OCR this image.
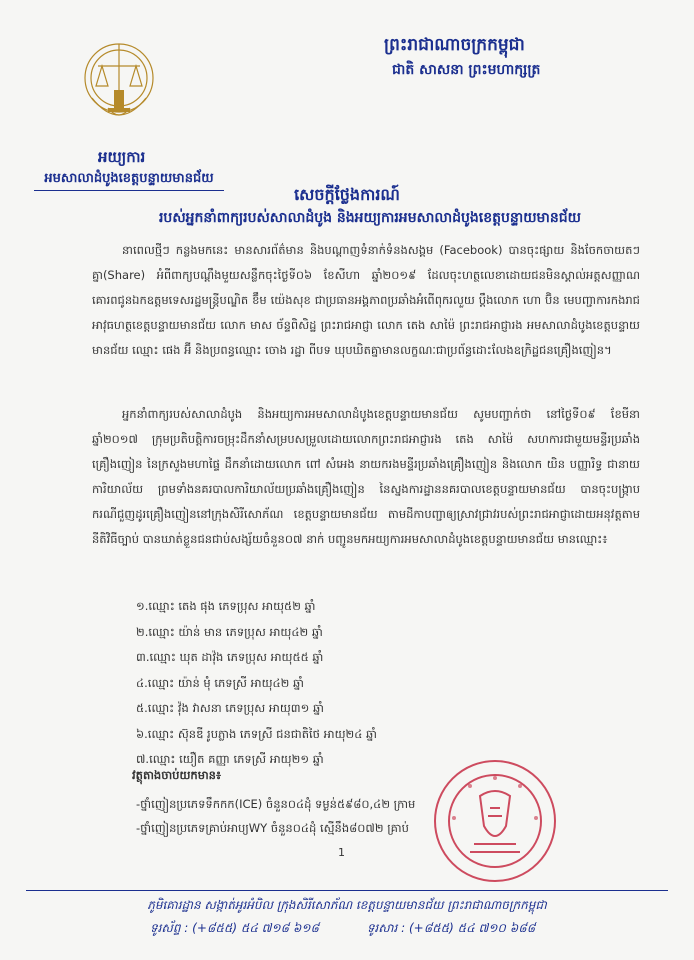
អយ្យការ
អមសាលាដំបូងខេត្តបន្ទាយមានជ័យ
ព្រះរាជាណាចក្រកម្ពុជា
ជាតិ សាសនា ព្រះមហាក្សត្រ
សេចក្តីថ្លែងការណ៍
របស់អ្នកនាំពាក្យរបស់សាលាដំបូង និងអយ្យការអមសាលាដំបូងខេត្តបន្ទាយមានជ័យ

នាពេលថ្មីៗ កន្លងមកនេះ មានសារព័ត៌មាន និងបណ្តាញទំនាក់ទំនងសង្គម (Facebook) បានចុះផ្សាយ និងចែកចាយតៗគ្នា(Share) អំពីពាក្យបណ្តឹងមួយសន្លឹកចុះថ្ងៃទី០៦ ខែសីហា ឆ្នាំ២០១៩ ដែលចុះហត្ថលេខាដោយជនមិនស្គាល់អត្តសញ្ញាណ គោរពជូនឯកឧត្តមទេសរដ្ឋមន្ត្រីបណ្ឌិត ខ៊ឹម យ៉េងសុខ ជាប្រធានអង្គភាពប្រឆាំងអំពើពុករលួយ ប្តឹងលោក ហោ ប៊ិន មេបញ្ជាការកងរាជអាវុធហត្ថខេត្តបន្ទាយមានជ័យ លោក មាស ច័ន្ទពិសិដ្ឋ ព្រះរាជអាជ្ញា លោក តេង សាម៉ៃ ព្រះរាជអាជ្ញារង អមសាលាដំបូងខេត្តបន្ទាយមានជ័យ ឈ្មោះ ផេង អ៊ី និងប្រពន្ធឈ្មោះ ចោង រដ្ឋា ពីបទ ឃុបឃិតគ្នាមានលក្ខណៈជាប្រព័ន្ធដោះលែងឧក្រិដ្ឋជនគ្រឿងញៀន។

អ្នកនាំពាក្យរបស់សាលាដំបូង និងអយ្យការអមសាលាដំបូងខេត្តបន្ទាយមានជ័យ សូមបញ្ជាក់ថា នៅថ្ងៃទី០៩ ខែមីនា ឆ្នាំ២០១៧ ក្រុមប្រតិបត្តិការចម្រុះដឹកនាំសម្របសម្រួលដោយលោកព្រះរាជអាជ្ញារង តេង សាម៉ៃ សហការជាមួយមន្ទីរប្រឆាំងគ្រឿងញៀន នៃក្រសួងមហាផ្ទៃ ដឹកនាំដោយលោក ពៅ សំអេង នាយករងមន្ទីរប្រឆាំងគ្រឿងញៀន និងលោក យិន បញ្ញារិទ្ធ ជានាយការិយាល័យ ព្រមទាំងនគរបាលការិយាល័យប្រឆាំងគ្រឿងញៀន នៃស្នងការដ្ឋាននគរបាលខេត្តបន្ទាយមានជ័យ បានចុះបង្ក្រាបករណីជួញដូរគ្រឿងញៀននៅក្រុងសិរីសោភ័ណ ខេត្តបន្ទាយមានជ័យ តាមដីកាបញ្ជាឲ្យស្រាវជ្រាវរបស់ព្រះរាជអាជ្ញាដោយអនុវត្តតាមនីតិវិធីច្បាប់ បានឃាត់ខ្លួនជនជាប់សង្ស័យចំនួន០៧ នាក់ បញ្ជូនមកអយ្យការអមសាលាដំបូងខេត្តបន្ទាយមានជ័យ មានឈ្មោះ៖

១.ឈ្មោះ តេង ផុង ភេទប្រុស អាយុ៥២ ឆ្នាំ
២.ឈ្មោះ យ៉ាន់ មាន ភេទប្រុស អាយុ៤២ ឆ្នាំ
៣.ឈ្មោះ ឃុត ដាវ៉ុង ភេទប្រុស អាយុ៥៥ ឆ្នាំ
៤.ឈ្មោះ យ៉ាន់ មុំ ភេទស្រី អាយុ៤២ ឆ្នាំ
៥.ឈ្មោះ វ៉ុង វាសនា ភេទប្រុស អាយុ៣១ ឆ្នាំ
៦.ឈ្មោះ ស៊ុនឌី រូបភ្លាង ភេទស្រី ជនជាតិថៃ អាយុ២៤ ឆ្នាំ
៧.ឈ្មោះ យឿត គញ្ញា ភេទស្រី អាយុ២១ ឆ្នាំ
វត្ថុតាងចាប់យកមាន៖
-ថ្នាំញៀនប្រភេទទឹកកក(ICE) ចំនួន០៤ដុំ ទម្ងន់៥៩៨០,៤២ ក្រាម
-ថ្នាំញៀនប្រភេទគ្រាប់អាប្យWY ចំនួន០៤ដុំ ស្មើនឹង៨០៧២ គ្រាប់
1
ភូមិគោរដ្ឋាន សង្កាត់អូរអំបិល ក្រុងសិរីសោភ័ណ ខេត្តបន្ទាយមានជ័យ ព្រះរាជាណាចក្រកម្ពុជា
ទូរស័ព្ទ : (+៨៥៥) ៥៤ ៧១៨ ៦១៨	ទូរសារ : (+៨៥៥) ៥៤ ៧១០ ៦៨៨
